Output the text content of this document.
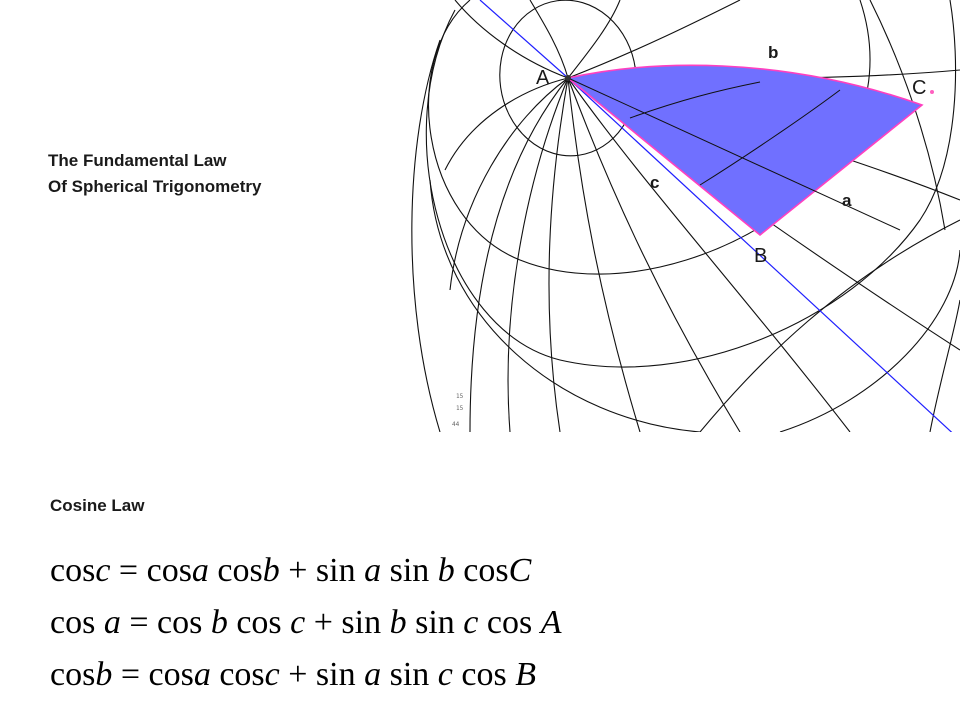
The Fundamental Law
Of Spherical Trigonometry
A	C
B
b
c
a
15
15
44
Cosine Law
cosc = cosa cosb + sin a sin b cosC
cos a = cos b cos c + sin b sin c cos A
cosb = cosa cosc + sin a sin c cos B
